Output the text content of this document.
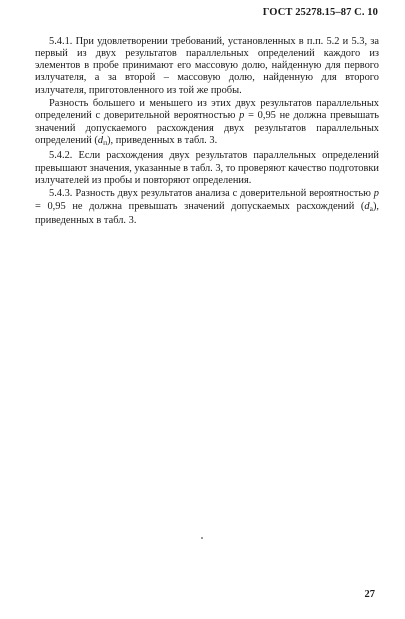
ГОСТ 25278.15–87 С. 10

5.4.1. При удовлетворении требований, установленных в п.п. 5.2 и 5.3, за первый из двух результатов параллельных определений каждого из элементов в пробе принимают его массовую долю, найденную для первого излучателя, а за второй – массовую долю, найденную для второго излучателя, приготовленного из той же пробы.

Разность большего и меньшего из этих двух результатов параллельных определений с доверительной вероятностью p = 0,95 не должна превышать значений допускаемого расхождения двух результатов параллельных определений $(d_п)$, приведенных в табл. 3.

5.4.2. Если расхождения двух результатов параллельных определений превышают значения, указанные в табл. 3, то проверяют качество подготовки излучателей из пробы и повторяют определения.

5.4.3. Разность двух результатов анализа с доверительной вероятностью p = 0,95 не должна превышать значений допускаемых расхождений $(d_а)$, приведенных в табл. 3.

27
